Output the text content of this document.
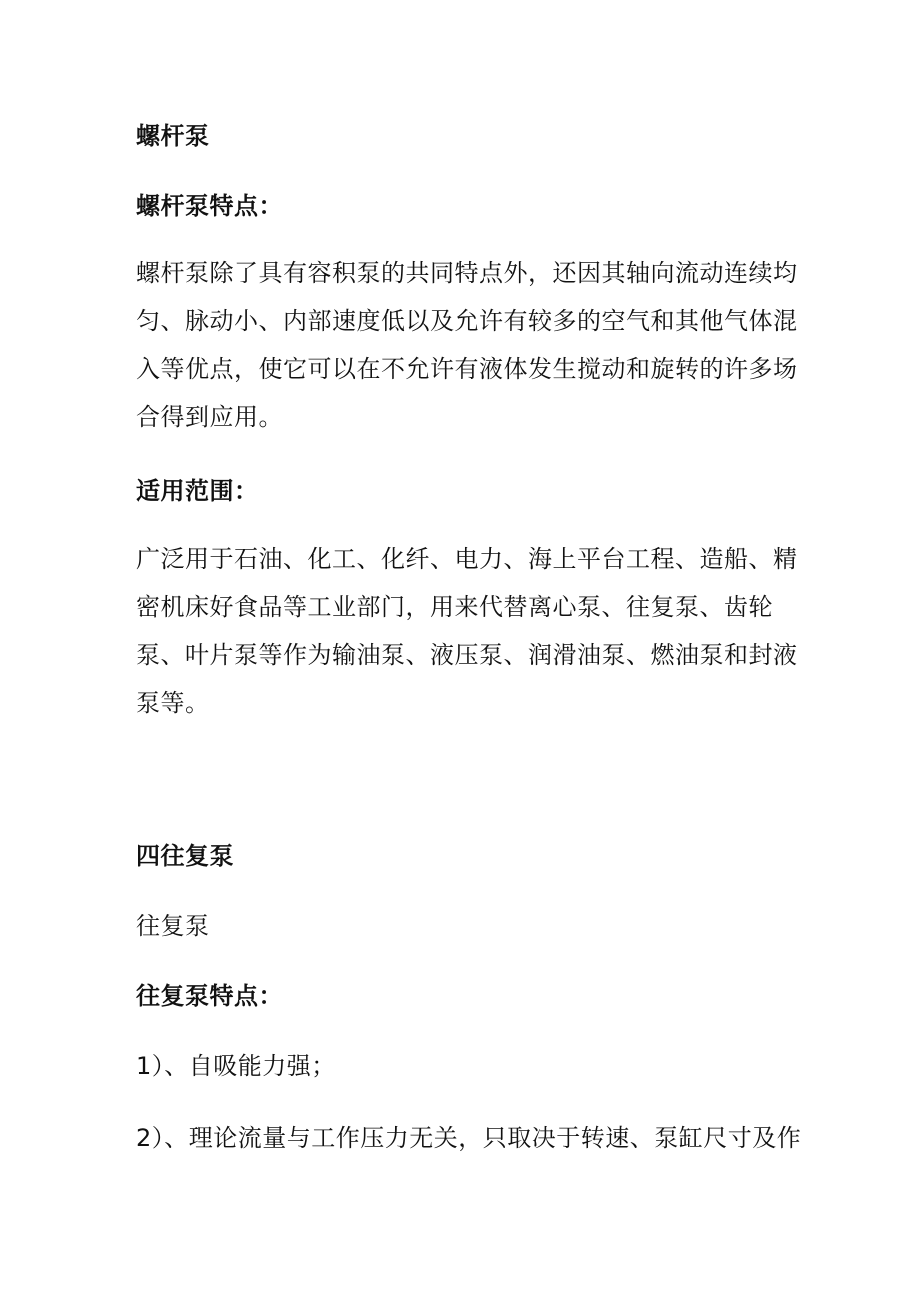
螺杆泵
螺杆泵特点：
螺杆泵除了具有容积泵的共同特点外，还因其轴向流动连续均
匀、脉动小、内部速度低以及允许有较多的空气和其他气体混
入等优点，使它可以在不允许有液体发生搅动和旋转的许多场
合得到应用。
适用范围：
广泛用于石油、化工、化纤、电力、海上平台工程、造船、精
密机床好食品等工业部门，用来代替离心泵、往复泵、齿轮
泵、叶片泵等作为输油泵、液压泵、润滑油泵、燃油泵和封液
泵等。
四往复泵
往复泵
往复泵特点：
1）、自吸能力强；
2）、理论流量与工作压力无关，只取决于转速、泵缸尺寸及作
